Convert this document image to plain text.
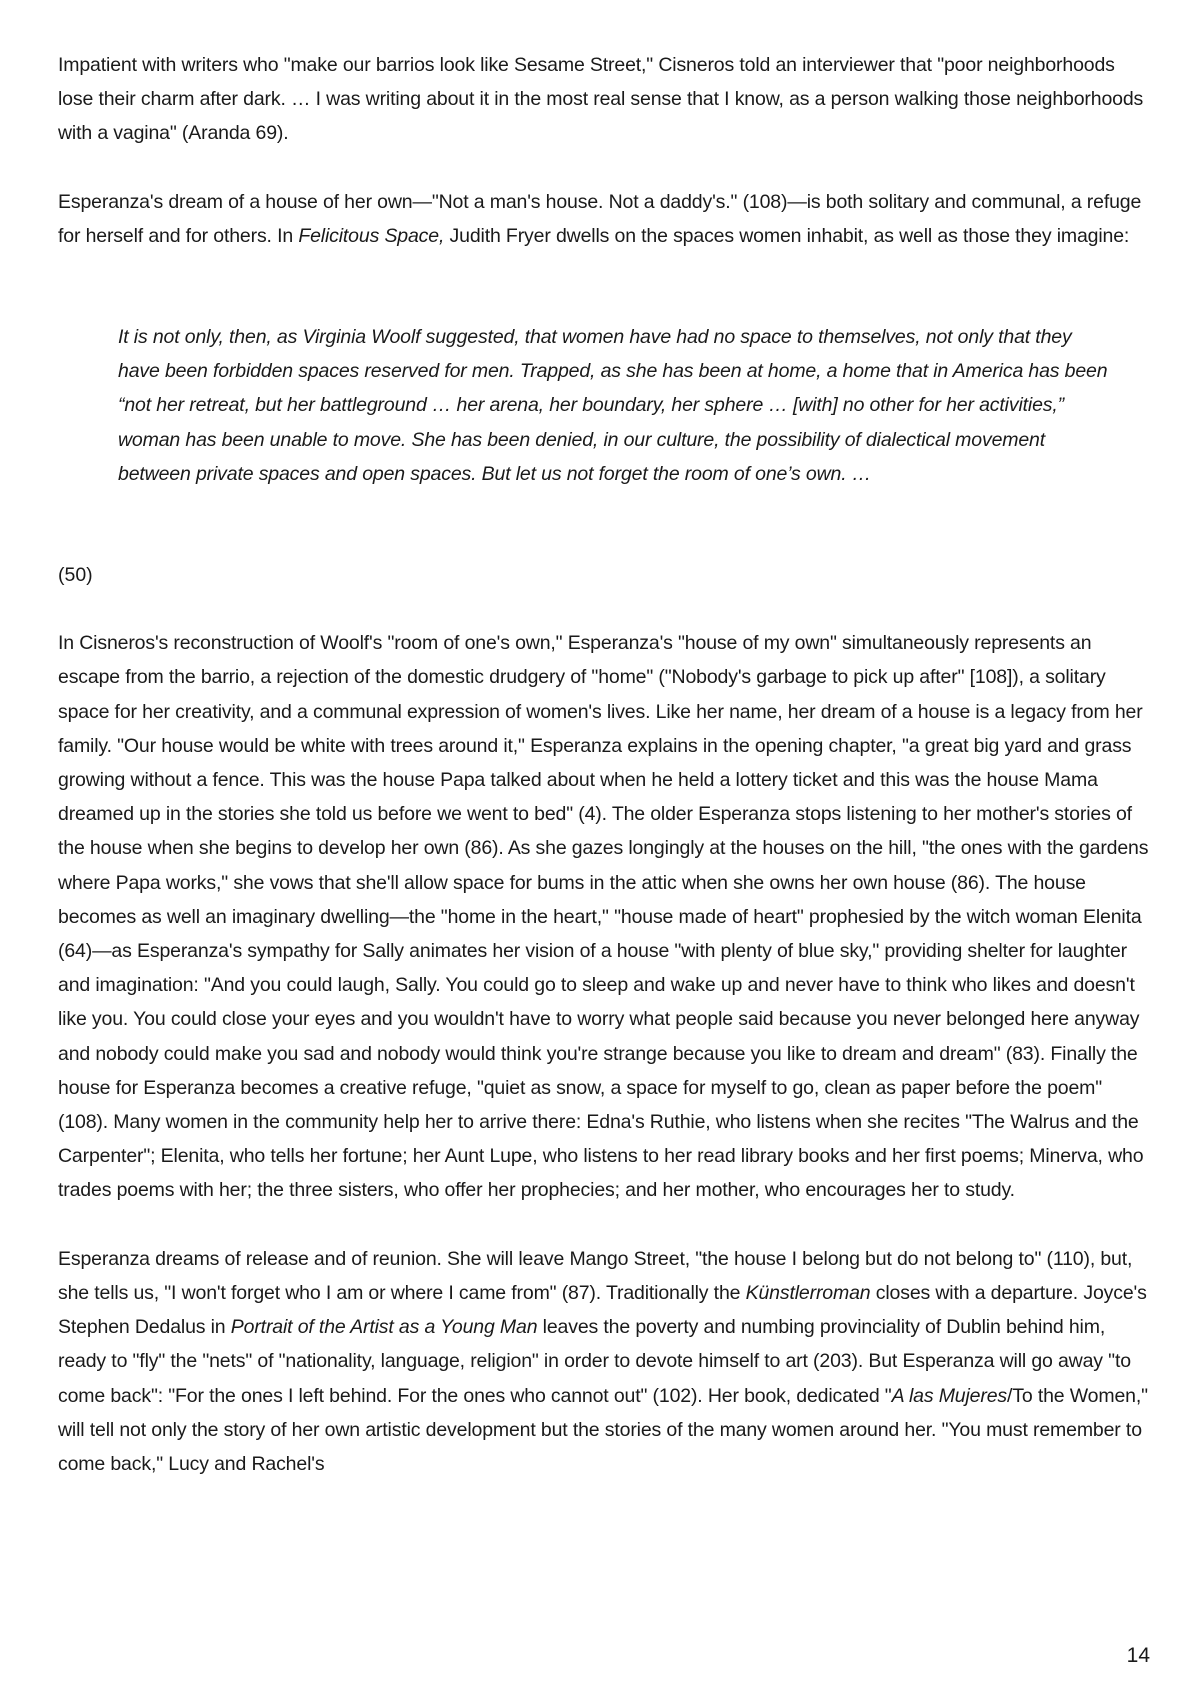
Impatient with writers who "make our barrios look like Sesame Street," Cisneros told an interviewer that "poor neighborhoods lose their charm after dark. … I was writing about it in the most real sense that I know, as a person walking those neighborhoods with a vagina" (Aranda 69).

Esperanza's dream of a house of her own—"Not a man's house. Not a daddy's." (108)—is both solitary and communal, a refuge for herself and for others. In Felicitous Space, Judith Fryer dwells on the spaces women inhabit, as well as those they imagine:

It is not only, then, as Virginia Woolf suggested, that women have had no space to themselves, not only that they have been forbidden spaces reserved for men. Trapped, as she has been at home, a home that in America has been “not her retreat, but her battleground … her arena, her boundary, her sphere … [with] no other for her activities,” woman has been unable to move. She has been denied, in our culture, the possibility of dialectical movement between private spaces and open spaces. But let us not forget the room of one’s own. …

(50)

In Cisneros's reconstruction of Woolf's "room of one's own," Esperanza's "house of my own" simultaneously represents an escape from the barrio, a rejection of the domestic drudgery of "home" ("Nobody's garbage to pick up after" [108]), a solitary space for her creativity, and a communal expression of women's lives. Like her name, her dream of a house is a legacy from her family. "Our house would be white with trees around it," Esperanza explains in the opening chapter, "a great big yard and grass growing without a fence. This was the house Papa talked about when he held a lottery ticket and this was the house Mama dreamed up in the stories she told us before we went to bed" (4). The older Esperanza stops listening to her mother's stories of the house when she begins to develop her own (86). As she gazes longingly at the houses on the hill, "the ones with the gardens where Papa works," she vows that she'll allow space for bums in the attic when she owns her own house (86). The house becomes as well an imaginary dwelling—the "home in the heart," "house made of heart" prophesied by the witch woman Elenita (64)—as Esperanza's sympathy for Sally animates her vision of a house "with plenty of blue sky," providing shelter for laughter and imagination: "And you could laugh, Sally. You could go to sleep and wake up and never have to think who likes and doesn't like you. You could close your eyes and you wouldn't have to worry what people said because you never belonged here anyway and nobody could make you sad and nobody would think you're strange because you like to dream and dream" (83). Finally the house for Esperanza becomes a creative refuge, "quiet as snow, a space for myself to go, clean as paper before the poem" (108). Many women in the community help her to arrive there: Edna's Ruthie, who listens when she recites "The Walrus and the Carpenter"; Elenita, who tells her fortune; her Aunt Lupe, who listens to her read library books and her first poems; Minerva, who trades poems with her; the three sisters, who offer her prophecies; and her mother, who encourages her to study.

Esperanza dreams of release and of reunion. She will leave Mango Street, "the house I belong but do not belong to" (110), but, she tells us, "I won't forget who I am or where I came from" (87). Traditionally the Künstlerroman closes with a departure. Joyce's Stephen Dedalus in Portrait of the Artist as a Young Man leaves the poverty and numbing provinciality of Dublin behind him, ready to "fly" the "nets" of "nationality, language, religion" in order to devote himself to art (203). But Esperanza will go away "to come back": "For the ones I left behind. For the ones who cannot out" (102). Her book, dedicated "A las Mujeres/To the Women," will tell not only the story of her own artistic development but the stories of the many women around her. "You must remember to come back," Lucy and Rachel's

14
